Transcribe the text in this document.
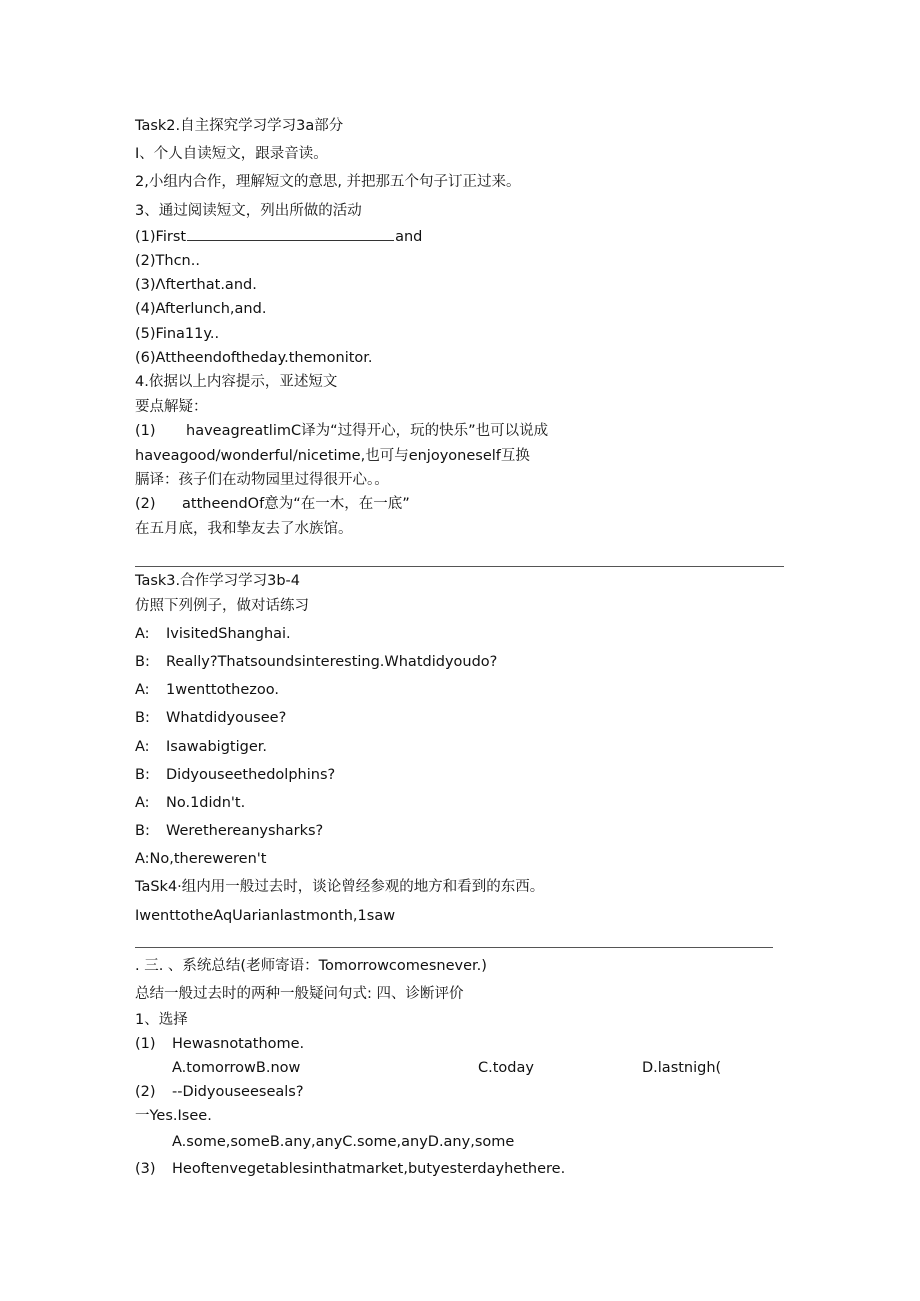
Task2.自主探究学习学习3a部分
I、个人自读短文，跟录音读。
2,小组内合作，理解短文的意思, 并把那五个句子订正过来。
3、通过阅读短文，列出所做的活动
(1)First	and
(2)Thcn..
(3)Λfterthat.and.
(4)Afterlunch,and.
(5)Fina11y..
(6)Attheendoftheday.themonitor.
4.依据以上内容提示，亚述短文
要点解疑：
(1) haveagreatlimC译为“过得开心，玩的快乐”也可以说成
haveagood/wonderful/nicetime,也可与enjoyoneself互换
膈译：孩子们在动物园里过得很开心。。
(2) attheendOf意为“在一木，在一底”
在五月底，我和挚友去了水族馆。
Task3.合作学习学习3b-4
仿照下列例子，做对话练习
A: IvisitedShanghai.
B: Really?Thatsoundsinteresting.Whatdidyoudo?
A: 1wenttothezoo.
B: Whatdidyousee?
A: Isawabigtiger.
B: Didyouseethedolphins?
A: No.1didn't.
B: Werethereanysharks?
A:No,thereweren't
TaSk4·组内用一般过去时，谈论曾经参观的地方和看到的东西。
IwenttotheAqUarianlastmonth,1saw
. 三. 、系统总结(老师寄语：Tomorrowcomesnever.)
总结一般过去时的两种一般疑问句式: 四、诊断评价
1、选择
(1) Hewasnotathome.
A.tomorrowB.now	C.today	D.lastnigh(
(2) --Didyouseeseals?
一Yes.Isee.
A.some,someB.any,anyC.some,anyD.any,some
(3) Heoftenvegetablesinthatmarket,butyesterdayhethere.
